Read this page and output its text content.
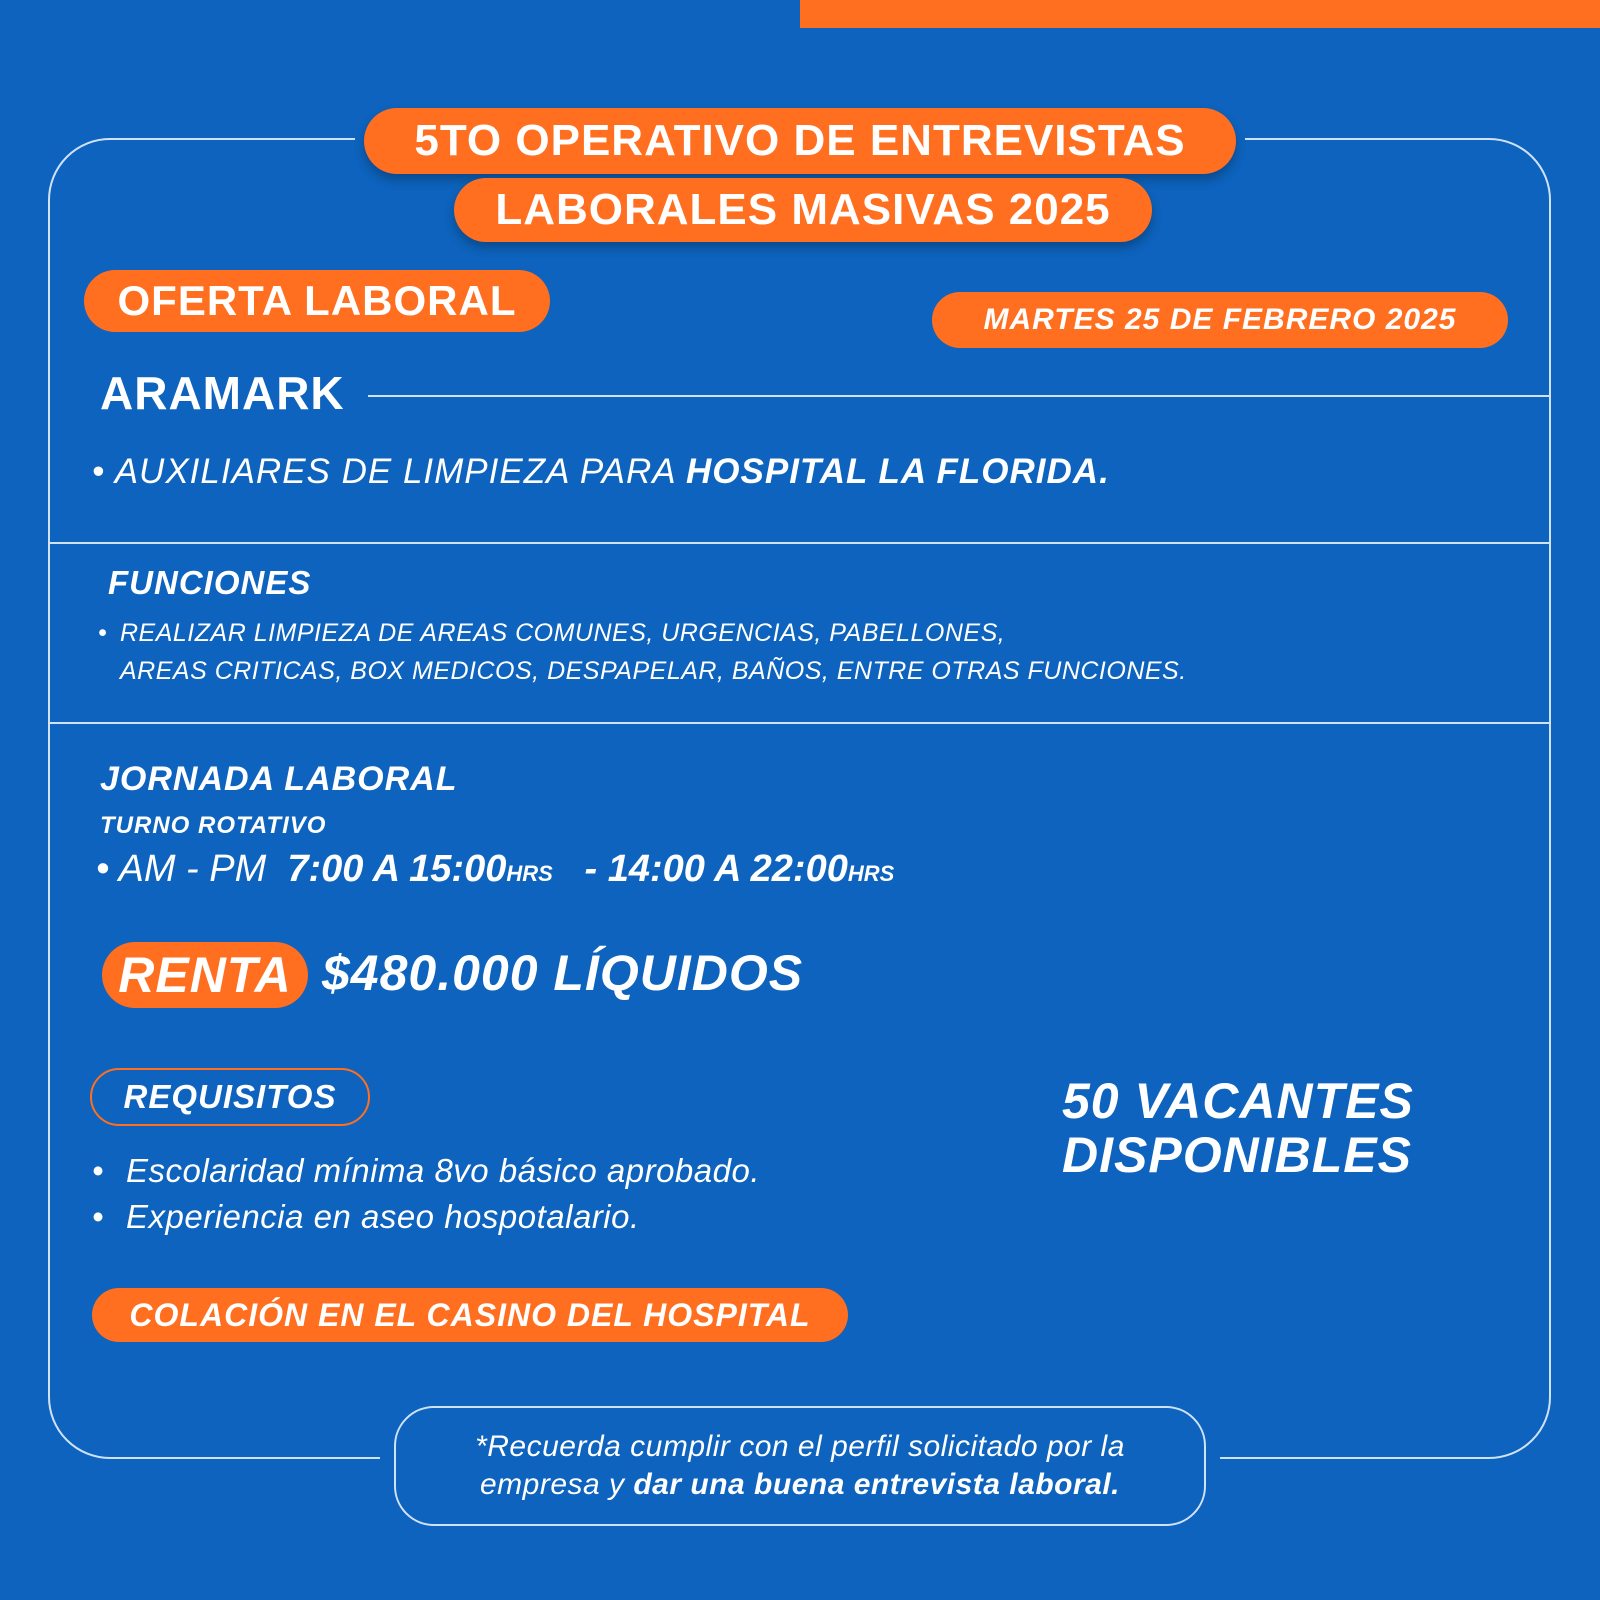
5TO OPERATIVO DE ENTREVISTAS
LABORALES MASIVAS 2025
OFERTA LABORAL	MARTES 25 DE FEBRERO 2025
ARAMARK
• AUXILIARES DE LIMPIEZA PARA HOSPITAL LA FLORIDA.
FUNCIONES
• REALIZAR LIMPIEZA DE AREAS COMUNES, URGENCIAS, PABELLONES,
AREAS CRITICAS, BOX MEDICOS, DESPAPELAR, BAÑOS, ENTRE OTRAS FUNCIONES.
JORNADA LABORAL
TURNO ROTATIVO
• AM - PM 7:00 A 15:00HRS - 14:00 A 22:00HRS
RENTA $480.000 LÍQUIDOS
REQUISITOS
• Escolaridad mínima 8vo básico aprobado.
• Experiencia en aseo hospotalario.
50 VACANTES
DISPONIBLES
COLACIÓN EN EL CASINO DEL HOSPITAL
*Recuerda cumplir con el perfil solicitado por la
empresa y dar una buena entrevista laboral.
